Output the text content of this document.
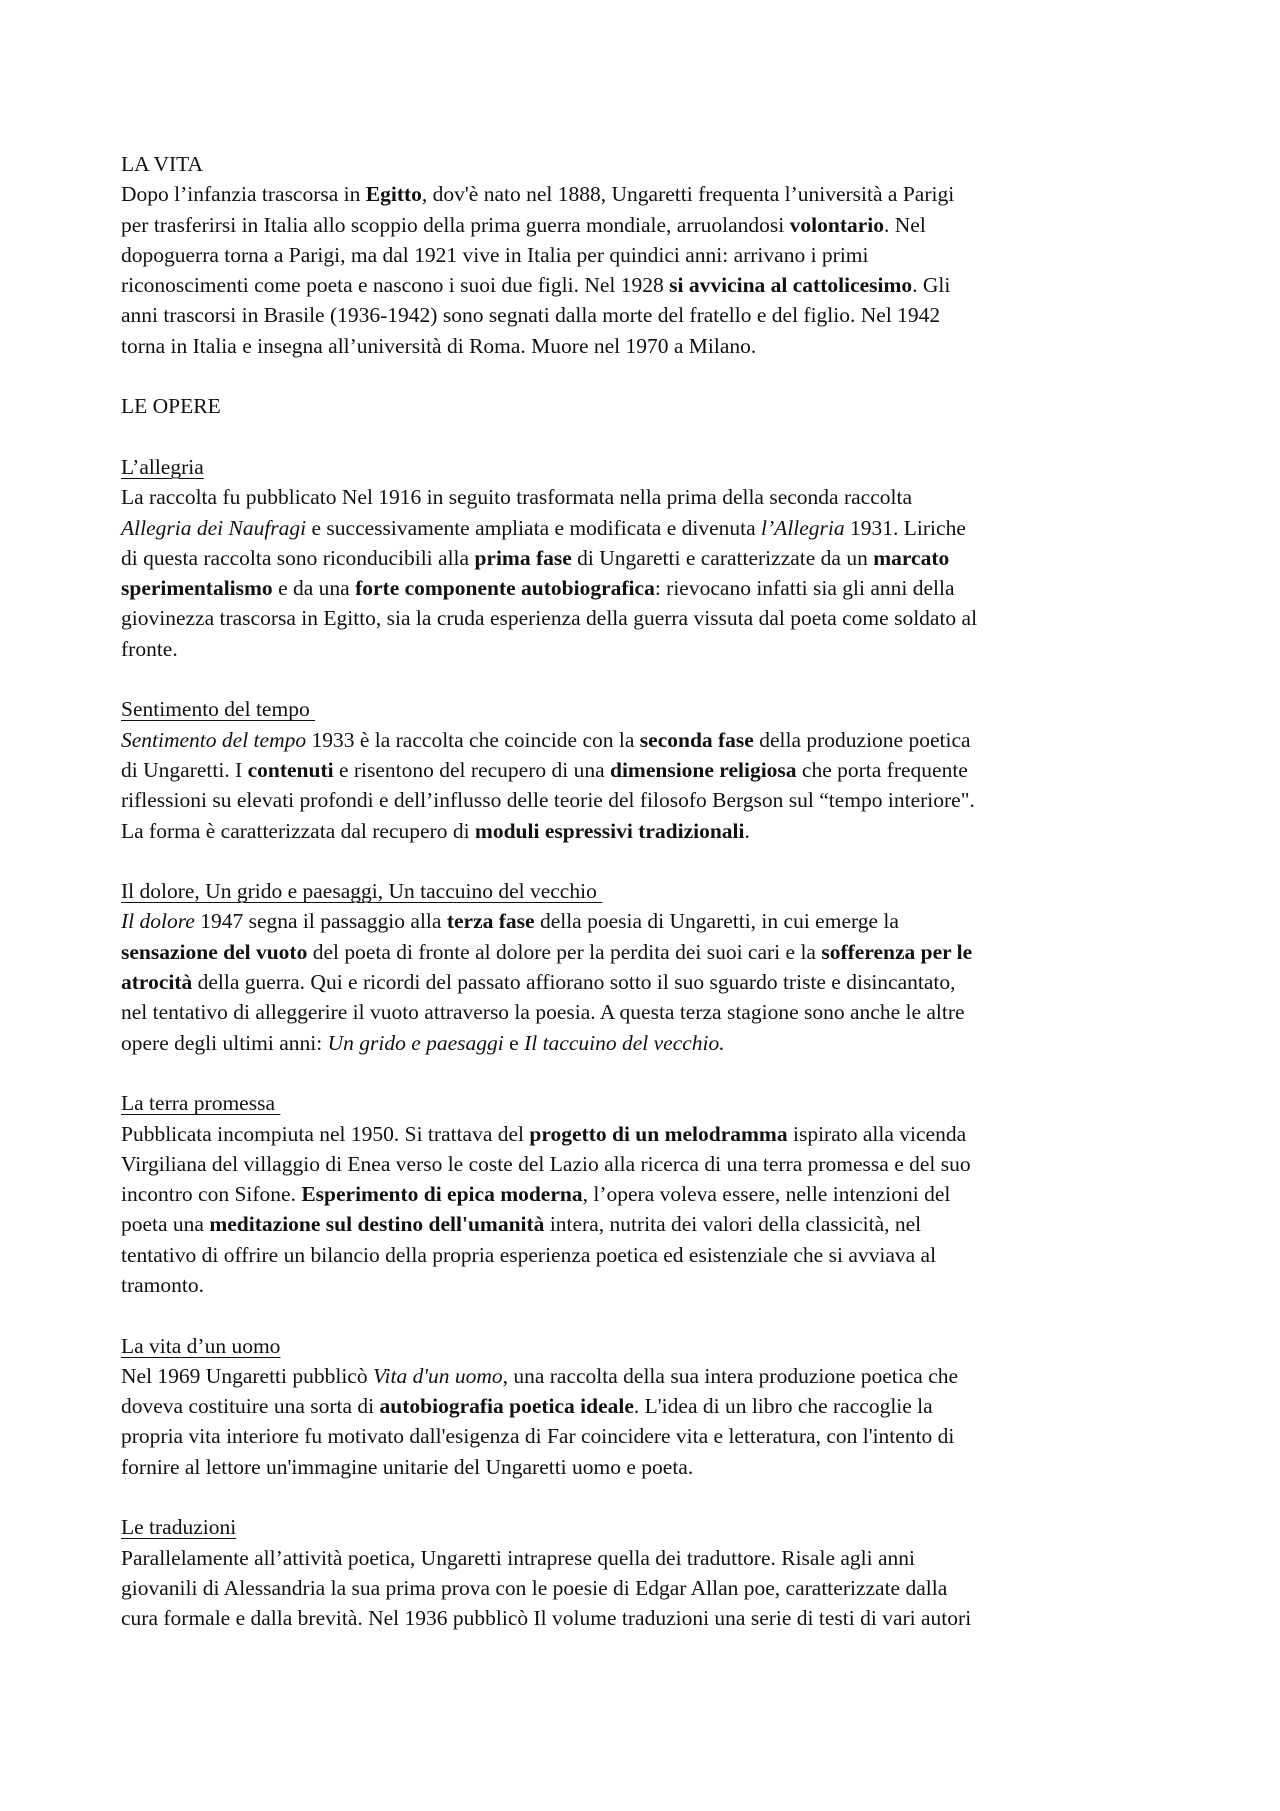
LA VITA
Dopo l’infanzia trascorsa in Egitto, dov'è nato nel 1888, Ungaretti frequenta l’università a Parigi
per trasferirsi in Italia allo scoppio della prima guerra mondiale, arruolandosi volontario. Nel
dopoguerra torna a Parigi, ma dal 1921 vive in Italia per quindici anni: arrivano i primi
riconoscimenti come poeta e nascono i suoi due figli. Nel 1928 si avvicina al cattolicesimo. Gli
anni trascorsi in Brasile (1936-1942) sono segnati dalla morte del fratello e del figlio. Nel 1942
torna in Italia e insegna all’università di Roma. Muore nel 1970 a Milano.
LE OPERE
L’allegria
La raccolta fu pubblicato Nel 1916 in seguito trasformata nella prima della seconda raccolta
Allegria dei Naufragi e successivamente ampliata e modificata e divenuta l’Allegria 1931. Liriche
di questa raccolta sono riconducibili alla prima fase di Ungaretti e caratterizzate da un marcato
sperimentalismo e da una forte componente autobiografica: rievocano infatti sia gli anni della
giovinezza trascorsa in Egitto, sia la cruda esperienza della guerra vissuta dal poeta come soldato al
fronte.
Sentimento del tempo
Sentimento del tempo 1933 è la raccolta che coincide con la seconda fase della produzione poetica
di Ungaretti. I contenuti e risentono del recupero di una dimensione religiosa che porta frequente
riflessioni su elevati profondi e dell’influsso delle teorie del filosofo Bergson sul “tempo interiore".
La forma è caratterizzata dal recupero di moduli espressivi tradizionali.
Il dolore, Un grido e paesaggi, Un taccuino del vecchio
Il dolore 1947 segna il passaggio alla terza fase della poesia di Ungaretti, in cui emerge la
sensazione del vuoto del poeta di fronte al dolore per la perdita dei suoi cari e la sofferenza per le
atrocità della guerra. Qui e ricordi del passato affiorano sotto il suo sguardo triste e disincantato,
nel tentativo di alleggerire il vuoto attraverso la poesia. A questa terza stagione sono anche le altre
opere degli ultimi anni: Un grido e paesaggi e Il taccuino del vecchio.
La terra promessa
Pubblicata incompiuta nel 1950. Si trattava del progetto di un melodramma ispirato alla vicenda
Virgiliana del villaggio di Enea verso le coste del Lazio alla ricerca di una terra promessa e del suo
incontro con Sifone. Esperimento di epica moderna, l’opera voleva essere, nelle intenzioni del
poeta una meditazione sul destino dell'umanità intera, nutrita dei valori della classicità, nel
tentativo di offrire un bilancio della propria esperienza poetica ed esistenziale che si avviava al
tramonto.
La vita d’un uomo
Nel 1969 Ungaretti pubblicò Vita d'un uomo, una raccolta della sua intera produzione poetica che
doveva costituire una sorta di autobiografia poetica ideale. L'idea di un libro che raccoglie la
propria vita interiore fu motivato dall'esigenza di Far coincidere vita e letteratura, con l'intento di
fornire al lettore un'immagine unitarie del Ungaretti uomo e poeta.
Le traduzioni
Parallelamente all’attività poetica, Ungaretti intraprese quella dei traduttore. Risale agli anni
giovanili di Alessandria la sua prima prova con le poesie di Edgar Allan poe, caratterizzate dalla
cura formale e dalla brevità. Nel 1936 pubblicò Il volume traduzioni una serie di testi di vari autori
